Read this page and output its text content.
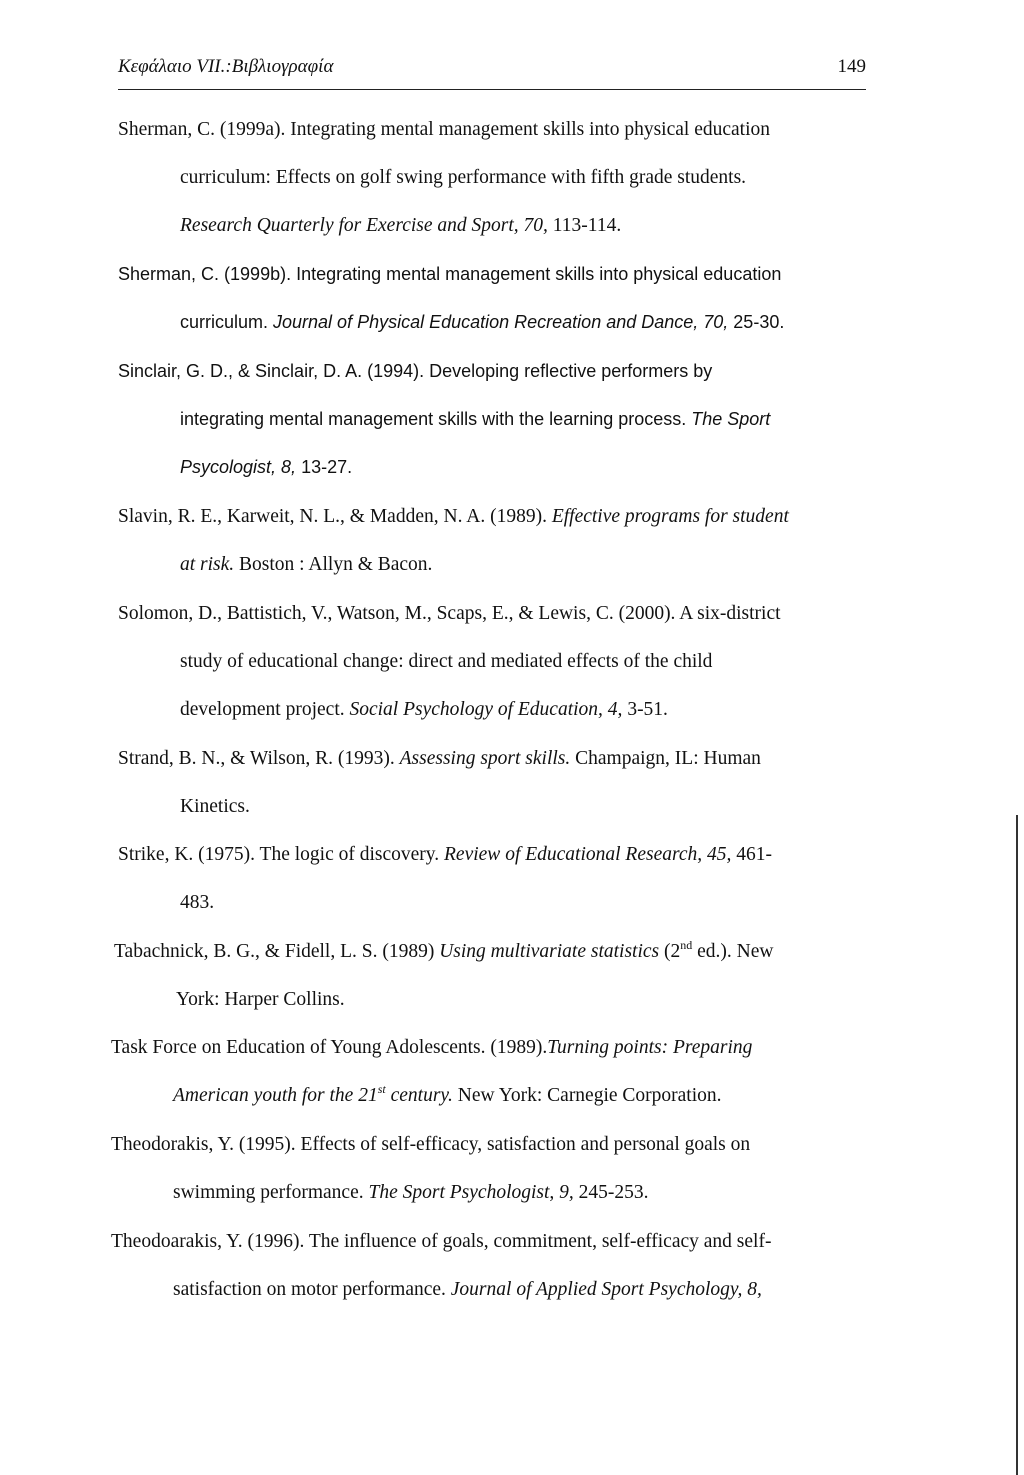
Κεφάλαιο VII.:Βιβλιογραφία	149
Sherman, C. (1999a). Integrating mental management skills into physical education
curriculum: Effects on golf swing performance with fifth grade students.
Research Quarterly for Exercise and Sport, 70, 113-114.
Sherman, C. (1999b). Integrating mental management skills into physical education
curriculum. Journal of Physical Education Recreation and Dance, 70, 25-30.
Sinclair, G. D., & Sinclair, D. A. (1994). Developing reflective performers by
integrating mental management skills with the learning process. The Sport
Psycologist, 8, 13-27.
Slavin, R. E., Karweit, N. L., & Madden, N. A. (1989). Effective programs for student
at risk. Boston : Allyn & Bacon.
Solomon, D., Battistich, V., Watson, M., Scaps, E., & Lewis, C. (2000). A six-district
study of educational change: direct and mediated effects of the child
development project. Social Psychology of Education, 4, 3-51.
Strand, B. N., & Wilson, R. (1993). Assessing sport skills. Champaign, IL: Human
Kinetics.
Strike, K. (1975). The logic of discovery. Review of Educational Research, 45, 461-
483.
Tabachnick, B. G., & Fidell, L. S. (1989) Using multivariate statistics (2nd ed.). New
York: Harper Collins.
Task Force on Education of Young Adolescents. (1989).Turning points: Preparing
American youth for the 21st century. New York: Carnegie Corporation.
Theodorakis, Y. (1995). Effects of self-efficacy, satisfaction and personal goals on
swimming performance. The Sport Psychologist, 9, 245-253.
Theodoarakis, Y. (1996). The influence of goals, commitment, self-efficacy and self-
satisfaction on motor performance. Journal of Applied Sport Psychology, 8,
